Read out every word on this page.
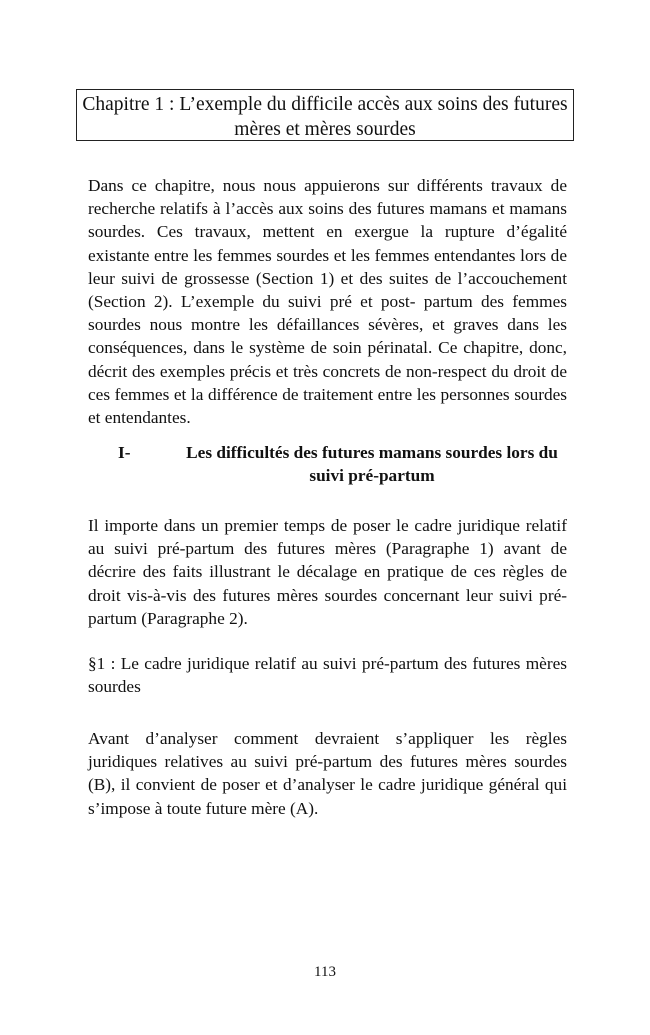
Chapitre 1 : L’exemple du difficile accès aux soins des futures mères et mères sourdes

Dans ce chapitre, nous nous appuierons sur différents travaux de recherche relatifs à l’accès aux soins des futures mamans et mamans sourdes. Ces travaux, mettent en exergue la rupture d’égalité existante entre les femmes sourdes et les femmes entendantes lors de leur suivi de grossesse (Section 1) et des suites de l’accouchement (Section 2). L’exemple du suivi pré et post- partum des femmes sourdes nous montre les défaillances sévères, et graves dans les conséquences, dans le système de soin périnatal. Ce chapitre, donc, décrit des exemples précis et très concrets de non-respect du droit de ces femmes et la différence de traitement entre les personnes sourdes et entendantes.

I-	Les difficultés des futures mamans sourdes lors du suivi pré-partum

Il importe dans un premier temps de poser le cadre juridique relatif au suivi pré-partum des futures mères (Paragraphe 1) avant de décrire des faits illustrant le décalage en pratique de ces règles de droit vis-à-vis des futures mères sourdes concernant leur suivi pré-partum (Paragraphe 2).

§1 : Le cadre juridique relatif au suivi pré-partum des futures mères sourdes

Avant d’analyser comment devraient s’appliquer les règles juridiques relatives au suivi pré-partum des futures mères sourdes (B), il convient de poser et d’analyser le cadre juridique général qui s’impose à toute future mère (A).

113
